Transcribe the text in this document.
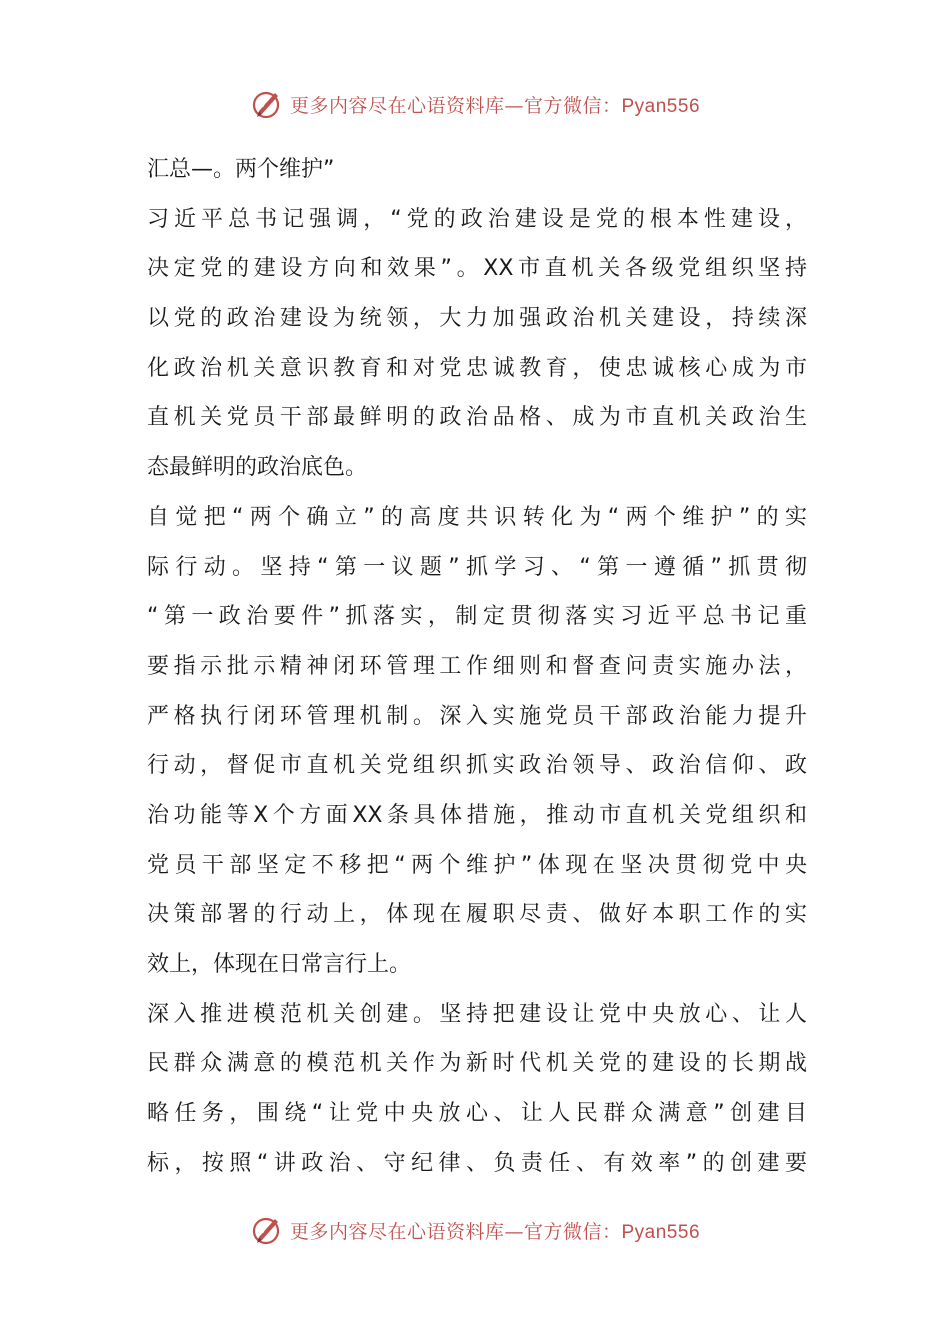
更多内容尽在心语资料库—官方微信：Pyan556
汇总—。两个维护”
习近平总书记强调，“党的政治建设是党的根本性建设，
决定党的建设方向和效果”。XX市直机关各级党组织坚持
以党的政治建设为统领，大力加强政治机关建设，持续深
化政治机关意识教育和对党忠诚教育，使忠诚核心成为市
直机关党员干部最鲜明的政治品格、成为市直机关政治生
态最鲜明的政治底色。
自觉把“两个确立”的高度共识转化为“两个维护”的实
际行动。坚持“第一议题”抓学习、“第一遵循”抓贯彻
“第一政治要件”抓落实，制定贯彻落实习近平总书记重
要指示批示精神闭环管理工作细则和督查问责实施办法，
严格执行闭环管理机制。深入实施党员干部政治能力提升
行动，督促市直机关党组织抓实政治领导、政治信仰、政
治功能等X个方面XX条具体措施，推动市直机关党组织和
党员干部坚定不移把“两个维护”体现在坚决贯彻党中央
决策部署的行动上，体现在履职尽责、做好本职工作的实
效上，体现在日常言行上。
深入推进模范机关创建。坚持把建设让党中央放心、让人
民群众满意的模范机关作为新时代机关党的建设的长期战
略任务，围绕“让党中央放心、让人民群众满意”创建目
标，按照“讲政治、守纪律、负责任、有效率”的创建要
更多内容尽在心语资料库—官方微信：Pyan556
